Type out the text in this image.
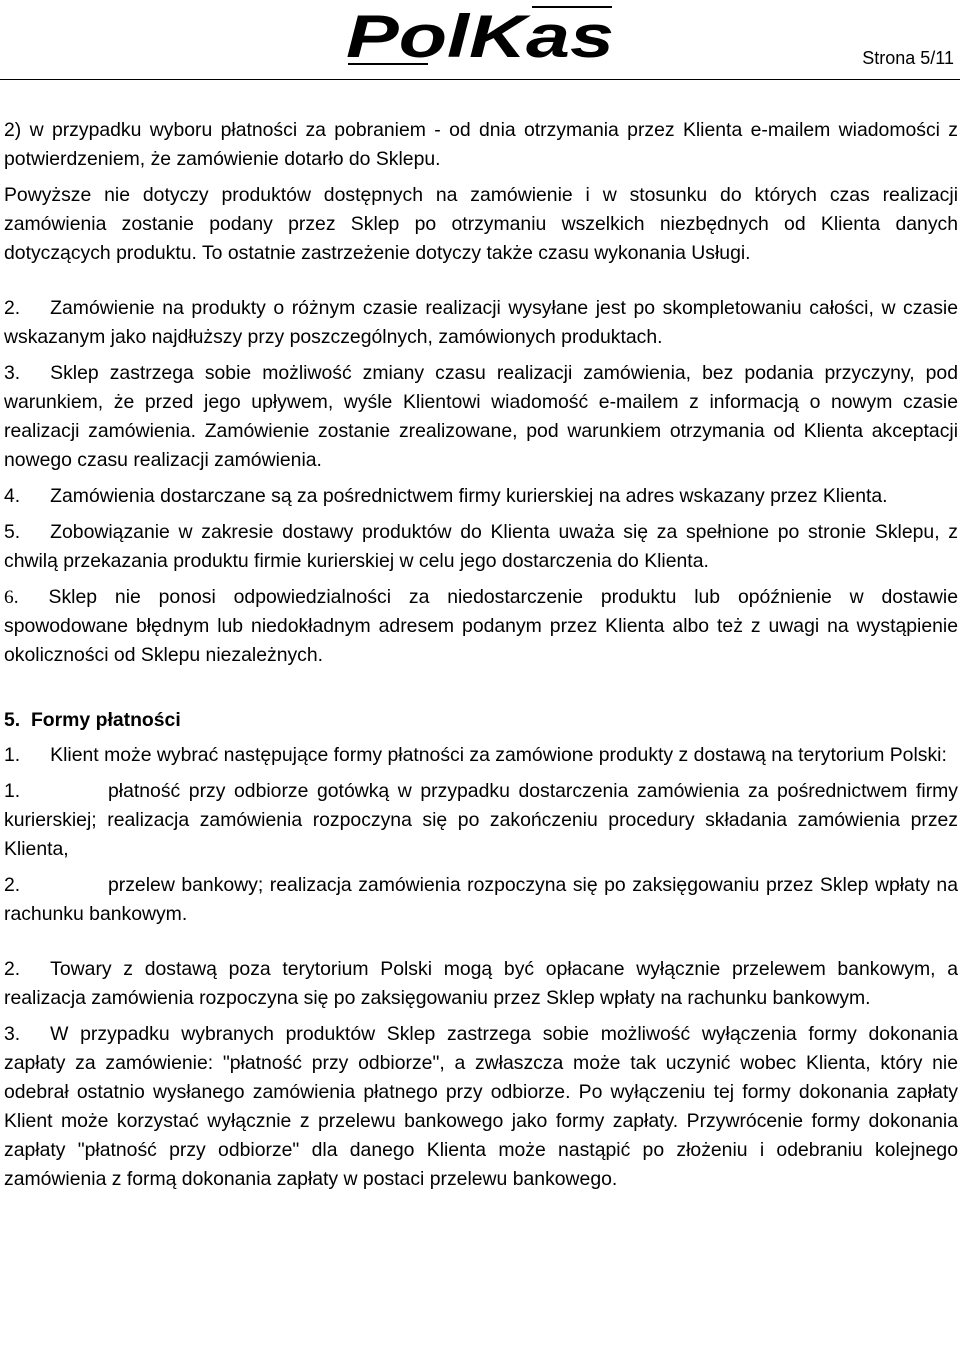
PolKas	Strona 5/11

2) w przypadku wyboru płatności za pobraniem - od dnia otrzymania przez Klienta e-mailem wiadomości z potwierdzeniem, że zamówienie dotarło do Sklepu.

Powyższe nie dotyczy produktów dostępnych na zamówienie i w stosunku do których czas realizacji zamówienia zostanie podany przez Sklep po otrzymaniu wszelkich niezbędnych od Klienta danych dotyczących produktu. To ostatnie zastrzeżenie dotyczy także czasu wykonania Usługi.

2. Zamówienie na produkty o różnym czasie realizacji wysyłane jest po skompletowaniu całości, w czasie wskazanym jako najdłuższy przy poszczególnych, zamówionych produktach.

3. Sklep zastrzega sobie możliwość zmiany czasu realizacji zamówienia, bez podania przyczyny, pod warunkiem, że przed jego upływem, wyśle Klientowi wiadomość e-mailem z informacją o nowym czasie realizacji zamówienia. Zamówienie zostanie zrealizowane, pod warunkiem otrzymania od Klienta akceptacji nowego czasu realizacji zamówienia.

4. Zamówienia dostarczane są za pośrednictwem firmy kurierskiej na adres wskazany przez Klienta.

5. Zobowiązanie w zakresie dostawy produktów do Klienta uważa się za spełnione po stronie Sklepu, z chwilą przekazania produktu firmie kurierskiej w celu jego dostarczenia do Klienta.

6. Sklep nie ponosi odpowiedzialności za niedostarczenie produktu lub opóźnienie w dostawie spowodowane błędnym lub niedokładnym adresem podanym przez Klienta albo też z uwagi na wystąpienie okoliczności od Sklepu niezależnych.

5.  Formy płatności

1. Klient może wybrać następujące formy płatności za zamówione produkty z dostawą na terytorium Polski:

1.	płatność przy odbiorze gotówką w przypadku dostarczenia zamówienia za pośrednictwem firmy kurierskiej; realizacja zamówienia rozpoczyna się po zakończeniu procedury składania zamówienia przez Klienta,

2.	przelew bankowy; realizacja zamówienia rozpoczyna się po zaksięgowaniu przez Sklep wpłaty na rachunku bankowym.

2. Towary z dostawą poza terytorium Polski mogą być opłacane wyłącznie przelewem bankowym, a realizacja zamówienia rozpoczyna się po zaksięgowaniu przez Sklep wpłaty na rachunku bankowym.

3. W przypadku wybranych produktów Sklep zastrzega sobie możliwość wyłączenia formy dokonania zapłaty za zamówienie: "płatność przy odbiorze", a zwłaszcza może tak uczynić wobec Klienta, który nie odebrał ostatnio wysłanego zamówienia płatnego przy odbiorze. Po wyłączeniu tej formy dokonania zapłaty Klient może korzystać wyłącznie z przelewu bankowego jako formy zapłaty. Przywrócenie formy dokonania zapłaty "płatność przy odbiorze" dla danego Klienta może nastąpić po złożeniu i odebraniu kolejnego zamówienia z formą dokonania zapłaty w postaci przelewu bankowego.
